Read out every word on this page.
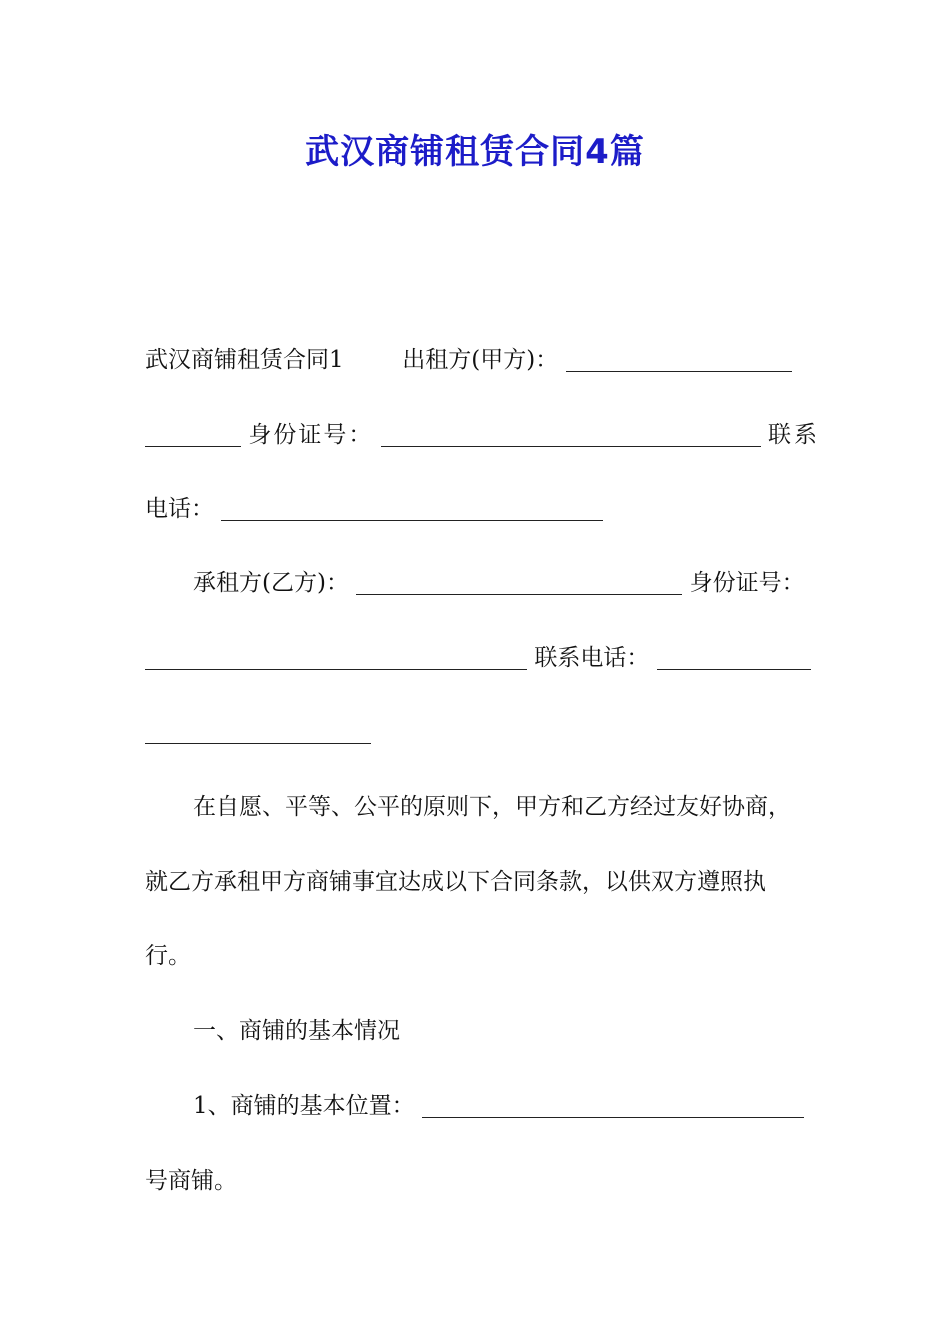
武汉商铺租赁合同4篇
武汉商铺租赁合同1	出租方(甲方)：
身份证号：	联系
电话：
承租方(乙方)：	身份证号：
联系电话：
在自愿、平等、公平的原则下，甲方和乙方经过友好协商，
就乙方承租甲方商铺事宜达成以下合同条款，以供双方遵照执
行。
一、商铺的基本情况
1、商铺的基本位置：
号商铺。
